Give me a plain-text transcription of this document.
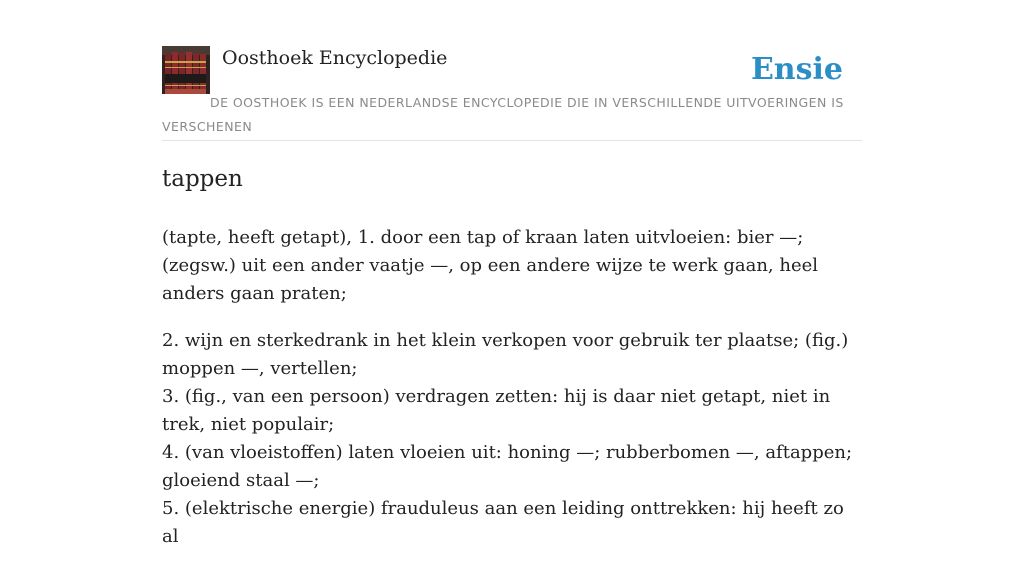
Oosthoek Encyclopedie	Ensie
DE OOSTHOEK IS EEN NEDERLANDSE ENCYCLOPEDIE DIE IN VERSCHILLENDE UITVOERINGEN IS VERSCHENEN
tappen

(tapte, heeft getapt), 1. door een tap of kraan laten uitvloeien: bier —; (zegsw.) uit een ander vaatje —, op een andere wijze te werk gaan, heel anders gaan praten;

2. wijn en sterkedrank in het klein verkopen voor gebruik ter plaatse; (fig.) moppen —, vertellen;
3. (fig., van een persoon) verdragen zetten: hij is daar niet getapt, niet in trek, niet populair;
4. (van vloeistoffen) laten vloeien uit: honing —; rubberbomen —, aftappen; gloeiend staal —;
5. (elektrische energie) frauduleus aan een leiding onttrekken: hij heeft zo al
